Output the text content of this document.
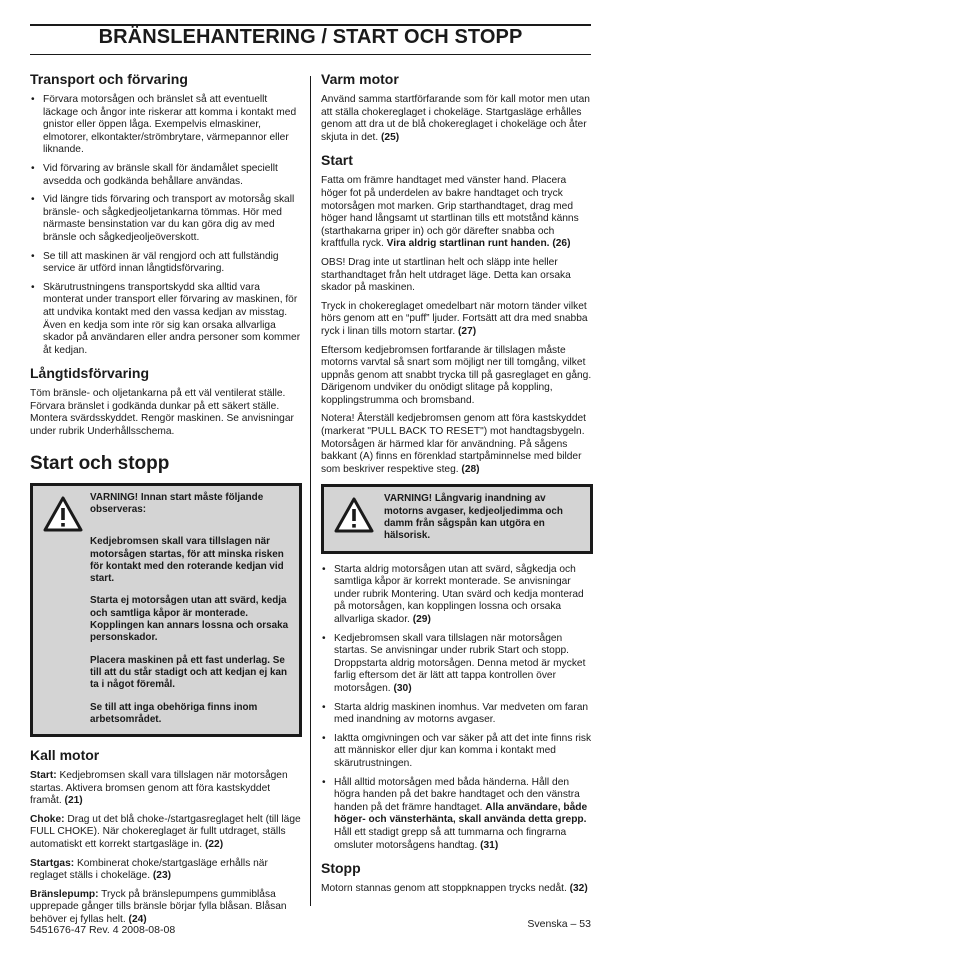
BRÄNSLEHANTERING / START OCH STOPP
Transport och förvaring
• Förvara motorsågen och bränslet så att eventuellt läckage och ångor inte riskerar att komma i kontakt med gnistor eller öppen låga. Exempelvis elmaskiner, elmotorer, elkontakter/strömbrytare, värmepannor eller liknande.
• Vid förvaring av bränsle skall för ändamålet speciellt avsedda och godkända behållare användas.
• Vid längre tids förvaring och transport av motorsåg skall bränsle- och sågkedjeoljetankarna tömmas. Hör med närmaste bensinstation var du kan göra dig av med bränsle och sågkedjeoljeöverskott.
• Se till att maskinen är väl rengjord och att fullständig service är utförd innan långtidsförvaring.
• Skärutrustningens transportskydd ska alltid vara monterat under transport eller förvaring av maskinen, för att undvika kontakt med den vassa kedjan av misstag. Även en kedja som inte rör sig kan orsaka allvarliga skador på användaren eller andra personer som kommer åt kedjan.
Långtidsförvaring

Töm bränsle- och oljetankarna på ett väl ventilerat ställe. Förvara bränslet i godkända dunkar på ett säkert ställe. Montera svärdsskyddet. Rengör maskinen. Se anvisningar under rubrik Underhållsschema.

Start och stopp
VARNING! Innan start måste följande observeras:
Kedjebromsen skall vara tillslagen när motorsågen startas, för att minska risken för kontakt med den roterande kedjan vid start.
Starta ej motorsågen utan att svärd, kedja och samtliga kåpor är monterade. Kopplingen kan annars lossna och orsaka personskador.
Placera maskinen på ett fast underlag. Se till att du står stadigt och att kedjan ej kan ta i något föremål.
Se till att inga obehöriga finns inom arbetsområdet.
Kall motor

Start: Kedjebromsen skall vara tillslagen när motorsågen startas. Aktivera bromsen genom att föra kastskyddet framåt. (21)

Choke: Drag ut det blå choke-/startgasreglaget helt (till läge FULL CHOKE). När chokereglaget är fullt utdraget, ställs automatiskt ett korrekt startgasläge in. (22)

Startgas: Kombinerat choke/startgasläge erhålls när reglaget ställs i chokeläge. (23)

Bränslepump: Tryck på bränslepumpens gummiblåsa upprepade gånger tills bränsle börjar fylla blåsan. Blåsan behöver ej fyllas helt. (24)

Varm motor

Använd samma startförfarande som för kall motor men utan att ställa chokereglaget i chokeläge. Startgasläge erhålles genom att dra ut de blå chokereglaget i chokeläge och åter skjuta in det. (25)

Start

Fatta om främre handtaget med vänster hand. Placera höger fot på underdelen av bakre handtaget och tryck motorsågen mot marken. Grip starthandtaget, drag med höger hand långsamt ut startlinan tills ett motstånd känns (starthakarna griper in) och gör därefter snabba och kraftfulla ryck. Vira aldrig startlinan runt handen. (26)

OBS! Drag inte ut startlinan helt och släpp inte heller starthandtaget från helt utdraget läge. Detta kan orsaka skador på maskinen.

Tryck in chokereglaget omedelbart när motorn tänder vilket hörs genom att en “puff” ljuder. Fortsätt att dra med snabba ryck i linan tills motorn startar. (27)

Eftersom kedjebromsen fortfarande är tillslagen måste motorns varvtal så snart som möjligt ner till tomgång, vilket uppnås genom att snabbt trycka till på gasreglaget en gång. Därigenom undviker du onödigt slitage på koppling, kopplingstrumma och bromsband.

Notera! Återställ kedjebromsen genom att föra kastskyddet (markerat "PULL BACK TO RESET") mot handtagsbygeln. Motorsågen är härmed klar för användning. På sågens bakkant (A) finns en förenklad startpåminnelse med bilder som beskriver respektive steg. (28)

VARNING! Långvarig inandning av motorns avgaser, kedjeoljedimma och damm från sågspån kan utgöra en hälsorisk.
• Starta aldrig motorsågen utan att svärd, sågkedja och samtliga kåpor är korrekt monterade. Se anvisningar under rubrik Montering. Utan svärd och kedja monterad på motorsågen, kan kopplingen lossna och orsaka allvarliga skador. (29)
• Kedjebromsen skall vara tillslagen när motorsågen startas. Se anvisningar under rubrik Start och stopp. Droppstarta aldrig motorsågen. Denna metod är mycket farlig eftersom det är lätt att tappa kontrollen över motorsågen. (30)
• Starta aldrig maskinen inomhus. Var medveten om faran med inandning av motorns avgaser.
• Iaktta omgivningen och var säker på att det inte finns risk att människor eller djur kan komma i kontakt med skärutrustningen.
• Håll alltid motorsågen med båda händerna. Håll den högra handen på det bakre handtaget och den vänstra handen på det främre handtaget. Alla användare, både höger- och vänsterhänta, skall använda detta grepp. Håll ett stadigt grepp så att tummarna och fingrarna omsluter motorsågens handtag. (31)
Stopp

Motorn stannas genom att stoppknappen trycks nedåt. (32)

5451676-47 Rev. 4 2008-08-08	Svenska – 53
